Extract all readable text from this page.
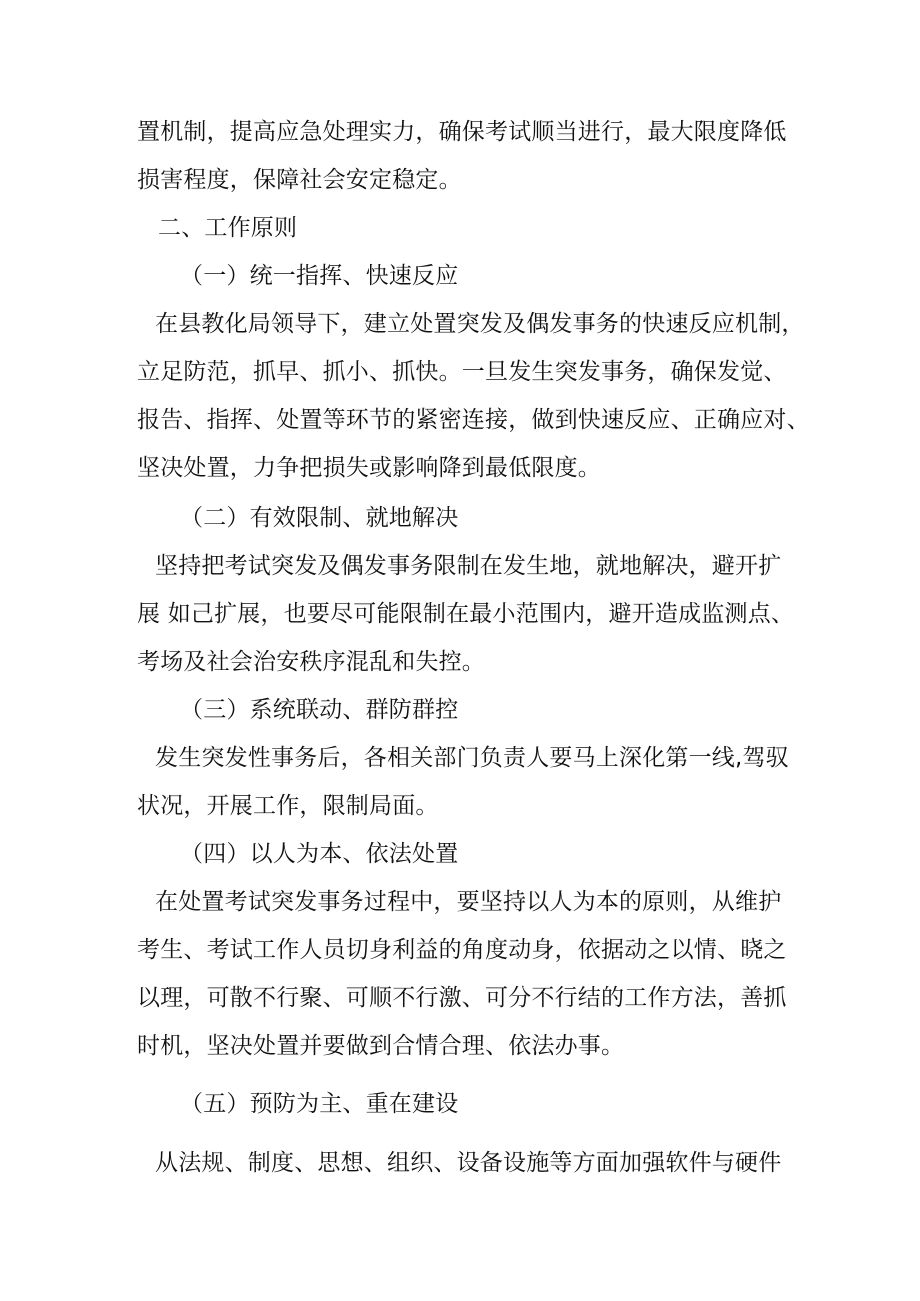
置机制，提高应急处理实力，确保考试顺当进行，最大限度降低
损害程度，保障社会安定稳定。
二、工作原则
（一）统一指挥、快速反应
在县教化局领导下，建立处置突发及偶发事务的快速反应机制，
立足防范，抓早、抓小、抓快。一旦发生突发事务，确保发觉、
报告、指挥、处置等环节的紧密连接，做到快速反应、正确应对、
坚决处置，力争把损失或影响降到最低限度。
（二）有效限制、就地解决
坚持把考试突发及偶发事务限制在发生地，就地解决，避开扩
展 如己扩展，也要尽可能限制在最小范围内，避开造成监测点、
考场及社会治安秩序混乱和失控。
（三）系统联动、群防群控
发生突发性事务后，各相关部门负责人要马上深化第一线,驾驭
状况，开展工作，限制局面。
（四）以人为本、依法处置
在处置考试突发事务过程中，要坚持以人为本的原则，从维护
考生、考试工作人员切身利益的角度动身，依据动之以情、晓之
以理，可散不行聚、可顺不行激、可分不行结的工作方法，善抓
时机，坚决处置并要做到合情合理、依法办事。
（五）预防为主、重在建设
从法规、制度、思想、组织、设备设施等方面加强软件与硬件
